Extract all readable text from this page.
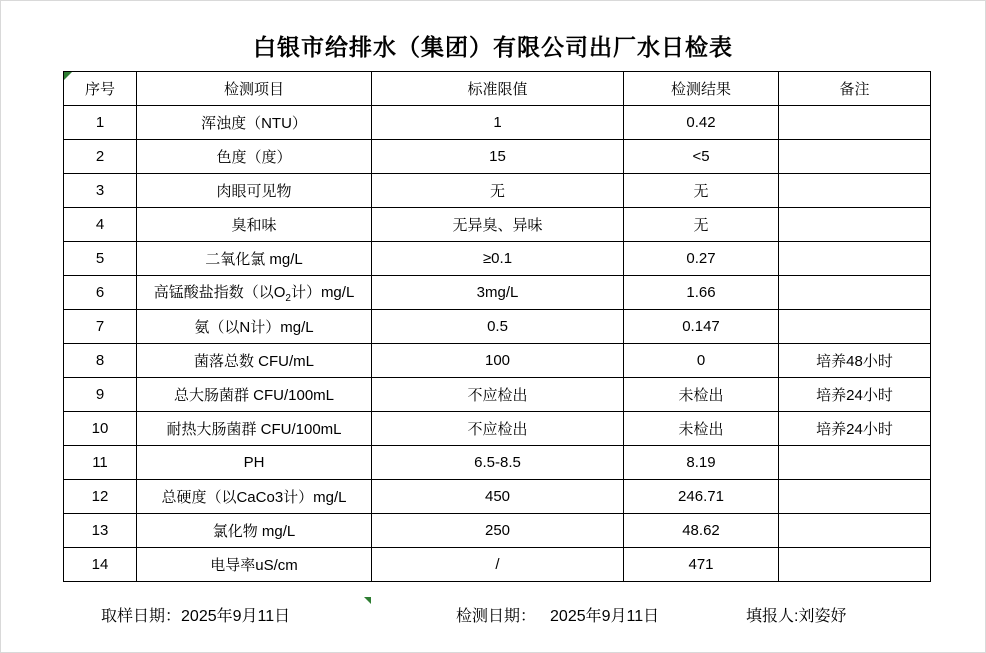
白银市给排水（集团）有限公司出厂水日检表
序号	检测项目	标准限值	检测结果	备注
1	浑浊度（NTU）	1	0.42	
2	色度（度）	15	<5	
3	肉眼可见物	无	无	
4	臭和味	无异臭、异味	无	
5	二氧化氯 mg/L	≥0.1	0.27	
6	高锰酸盐指数（以$O_2$计）mg/L	3mg/L	1.66	
7	氨（以N计）mg/L	0.5	0.147	
8	菌落总数 CFU/mL	100	0	培养48小时
9	总大肠菌群 CFU/100mL	不应检出	未检出	培养24小时
10	耐热大肠菌群 CFU/100mL	不应检出	未检出	培养24小时
11	PH	6.5-8.5	8.19	
12	总硬度（以CaCo3计）mg/L	450	246.71	
13	氯化物 mg/L	250	48.62	
14	电导率uS/cm	/	471	
取样日期：2025年9月11日	检测日期： 2025年9月11日	填报人:刘姿妤
